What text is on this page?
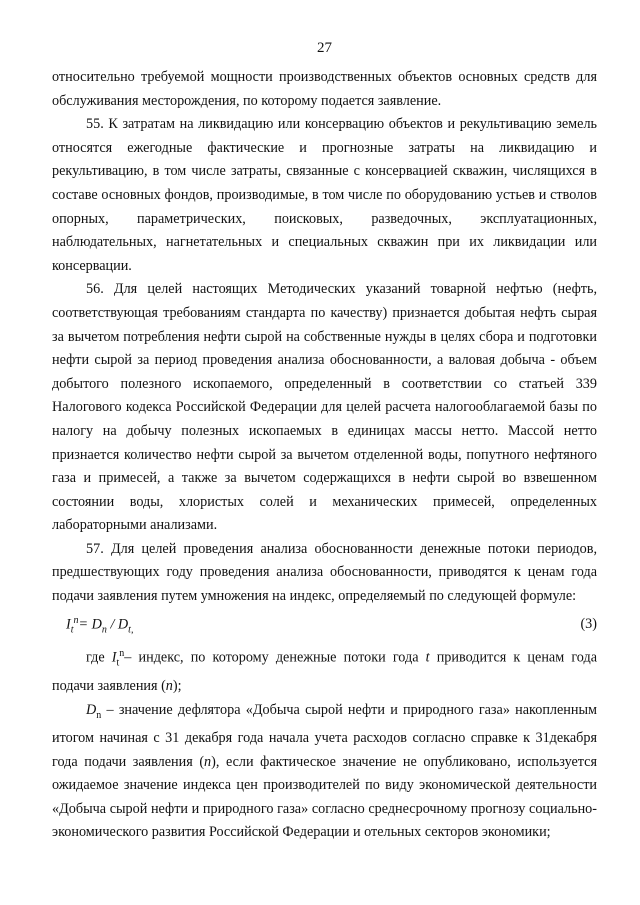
27

относительно требуемой мощности производственных объектов основных средств для обслуживания месторождения, по которому подается заявление.

55. К затратам на ликвидацию или консервацию объектов и рекультивацию земель относятся ежегодные фактические и прогнозные затраты на ликвидацию и рекультивацию, в том числе затраты, связанные с консервацией скважин, числящихся в составе основных фондов, производимые, в том числе по оборудованию устьев и стволов опорных, параметрических, поисковых, разведочных, эксплуатационных, наблюдательных, нагнетательных и специальных скважин при их ликвидации или консервации.

56. Для целей настоящих Методических указаний товарной нефтью (нефть, соответствующая требованиям стандарта по качеству) признается добытая нефть сырая за вычетом потребления нефти сырой на собственные нужды в целях сбора и подготовки нефти сырой за период проведения анализа обоснованности, а валовая добыча - объем добытого полезного ископаемого, определенный в соответствии со статьей 339 Налогового кодекса Российской Федерации для целей расчета налогооблагаемой базы по налогу на добычу полезных ископаемых в единицах массы нетто. Массой нетто признается количество нефти сырой за вычетом отделенной воды, попутного нефтяного газа и примесей, а также за вычетом содержащихся в нефти сырой во взвешенном состоянии воды, хлористых солей и механических примесей, определенных лабораторными анализами.

57. Для целей проведения анализа обоснованности денежные потоки периодов, предшествующих году проведения анализа обоснованности, приводятся к ценам года подачи заявления путем умножения на индекс, определяемый по следующей формуле:

$I_t^n= D_n / D_{t,}$	(3)

где $I_t^n-$ индекс, по которому денежные потоки года t приводится к ценам года подачи заявления (n);

$D_n$ – значение дефлятора «Добыча сырой нефти и природного газа» накопленным итогом начиная с 31 декабря года начала учета расходов согласно справке к 31декабря года подачи заявления (n), если фактическое значение не опубликовано, используется ожидаемое значение индекса цен производителей по виду экономической деятельности «Добыча сырой нефти и природного газа» согласно среднесрочному прогнозу социально-экономического развития Российской Федерации и отельных секторов экономики;
